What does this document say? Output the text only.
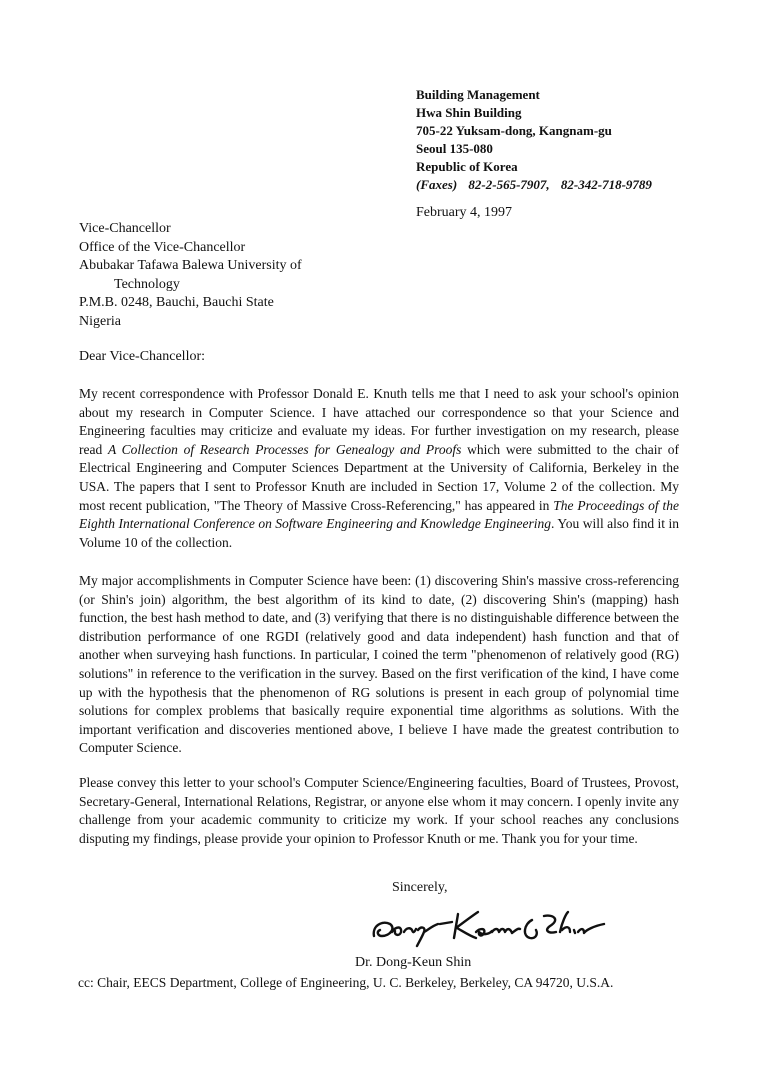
Building Management
Hwa Shin Building
705-22 Yuksam-dong, Kangnam-gu
Seoul 135-080
Republic of Korea
(Faxes) 82-2-565-7907, 82-342-718-9789
February 4, 1997
Vice-Chancellor
Office of the Vice-Chancellor
Abubakar Tafawa Balewa University of
Technology
P.M.B. 0248, Bauchi, Bauchi State
Nigeria
Dear Vice-Chancellor:
My recent correspondence with Professor Donald E. Knuth tells me that I need to ask your school's opinion about my research in Computer Science. I have attached our correspondence so that your Science and Engineering faculties may criticize and evaluate my ideas. For further investigation on my research, please read A Collection of Research Processes for Genealogy and Proofs which were submitted to the chair of Electrical Engineering and Computer Sciences Department at the University of California, Berkeley in the USA. The papers that I sent to Professor Knuth are included in Section 17, Volume 2 of the collection. My most recent publication, "The Theory of Massive Cross-Referencing," has appeared in The Proceedings of the Eighth International Conference on Software Engineering and Knowledge Engineering. You will also find it in Volume 10 of the collection.
My major accomplishments in Computer Science have been: (1) discovering Shin's massive cross-referencing (or Shin's join) algorithm, the best algorithm of its kind to date, (2) discovering Shin's (mapping) hash function, the best hash method to date, and (3) verifying that there is no distinguishable difference between the distribution performance of one RGDI (relatively good and data independent) hash function and that of another when surveying hash functions. In particular, I coined the term "phenomenon of relatively good (RG) solutions" in reference to the verification in the survey. Based on the first verification of the kind, I have come up with the hypothesis that the phenomenon of RG solutions is present in each group of polynomial time solutions for complex problems that basically require exponential time algorithms as solutions. With the important verification and discoveries mentioned above, I believe I have made the greatest contribution to Computer Science.
Please convey this letter to your school's Computer Science/Engineering faculties, Board of Trustees, Provost, Secretary-General, International Relations, Registrar, or anyone else whom it may concern. I openly invite any challenge from your academic community to criticize my work. If your school reaches any conclusions disputing my findings, please provide your opinion to Professor Knuth or me. Thank you for your time.
Sincerely,
Dr. Dong-Keun Shin
cc: Chair, EECS Department, College of Engineering, U. C. Berkeley, Berkeley, CA 94720, U.S.A.
